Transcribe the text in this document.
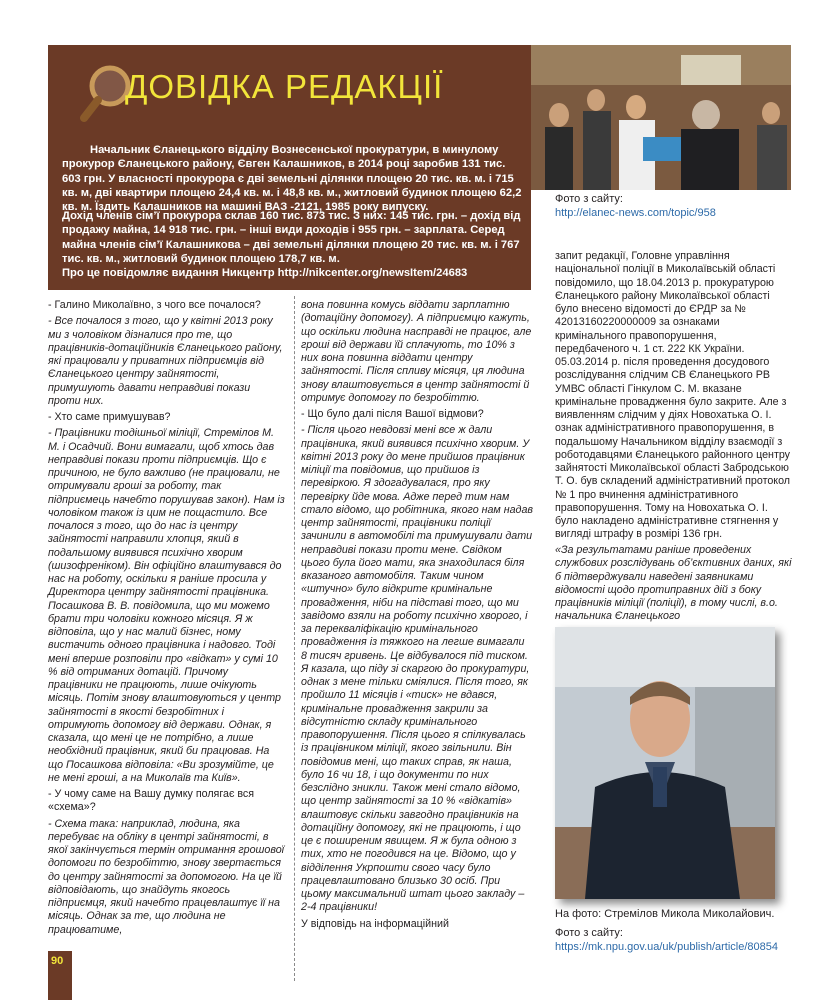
ДОВІДКА РЕДАКЦІЇ

Начальник Єланецького відділу Вознесенської прокуратури, в минулому прокурор Єланецького району, Євген Калашников, в 2014 році заробив 131 тис. 603 грн. У власності прокурора є дві земельні ділянки площею 20 тис. кв. м. і 715 кв. м, дві квартири площею 24,4 кв. м. і 48,8 кв. м., житловий будинок площею 62,2 кв. м. Їздить Калашников на машині ВАЗ -2121, 1985 року випуску.

Дохід членів сім’ї прокурора склав 160 тис. 873 тис. З них: 145 тис. грн. – дохід від продажу майна, 14 918 тис. грн. – інші види доходів і 955 грн. – зарплата. Серед майна членів сім’ї Калашникова – дві земельні ділянки площею 20 тис. кв. м. і 767 тис. кв. м., житловий будинок площею 178,7 кв. м.

Про це повідомляє видання Никцентр http://nikcenter.org/newsItem/24683

Фото з сайту:
http://elanec-news.com/topic/958

- Галино Миколаївно, з чого все почалося?

- Все почалося з того, що у квітні 2013 року ми з чоловіком дізналися про те, що працівників-дотаційників Єланецького району, які працювали у приватних підприємців від Єланецького центру зайнятості, примушують давати неправдиві покази проти них.

- Хто саме примушував?

- Працівники тодішньої міліції, Стремілов М. М. і Осадчий. Вони вимагали, щоб хтось дав неправдиві покази проти підприємців. Що є причиною, не було важливо (не працювали, не отримували гроші за роботу, так підприємець начебто порушував закон). Нам із чоловіком також із цим не пощастило. Все почалося з того, що до нас із центру зайнятості направили хлопця, який в подальшому виявився психічно хворим (шизофреніком). Він офіційно влаштувався до нас на роботу, оскільки я раніше просила у Директора центру зайнятості працівника. Посашкова В. В. повідомила, що ми можемо брати три чоловіки кожного місяця. Я ж відповіла, що у нас малий бізнес, ному вистачить одного працівника і надовго. Тоді мені вперше розповіли про «відкат» у сумі 10 % від отриманих дотацій. Причому працівники не працюють, лише очікують місяць. Потім знову влаштовуються у центр зайнятості в якості безробітних і отримують допомогу від держави. Однак, я сказала, що мені це не потрібно, а лише необхідний працівник, який би працював. На що Посашкова відповіла: «Ви зрозумійте, це не мені гроші, а на Миколаїв та Київ».

- У чому саме на Вашу думку полягає вся «схема»?

- Схема така: наприклад, людина, яка перебуває на обліку в центрі зайнятості, в якої закінчується термін отримання грошової допомоги по безробіттю, знову звертається до центру зайнятості за допомогою. На це їй відповідають, що знайдуть якогось підприємця, який начебто працевлаштує її на місяць. Однак за те, що людина не працюватиме,

вона повинна комусь віддати зарплатню (дотаційну допомогу). А підприємцю кажуть, що оскільки людина насправді не працює, але гроші від держави їй сплачують, то 10% з них вона повинна віддати центру зайнятості. Після спливу місяця, ця людина знову влаштовується в центр зайнятості й отримує допомогу по безробіттю.

- Що було далі після Вашої відмови?

- Після цього невдовзі мені все ж дали працівника, який виявився психічно хворим. У квітні 2013 року до мене прийшов працівник міліції та повідомив, що прийшов із перевіркою. Я здогадувалася, про яку перевірку йде мова. Адже перед тим нам стало відомо, що робітника, якого нам надав центр зайнятості, працівники поліції зачинили в автомобілі та примушували дати неправдиві покази проти мене. Свідком цього була його мати, яка знаходилася біля вказаного автомобіля. Таким чином «штучно» було відкрите кримінальне провадження, ніби на підставі того, що ми завідомо взяли на роботу психічно хворого, і за перекваліфікацію кримінального провадження із тяжкого на легше вимагали 8 тисяч гривень. Це відбувалося під тиском. Я казала, що піду зі скаргою до прокуратури, однак з мене тільки сміялися. Після того, як пройшло 11 місяців і «тиск» не вдався, кримінальне провадження закрили за відсутністю складу кримінального правопорушення. Після цього я спілкувалась із працівником міліції, якого звільнили. Він повідомив мені, що таких справ, як наша, було 16 чи 18, і що документи по них безслідно зникли. Також мені стало відомо, що центр зайнятості за 10 % «відкатів» влаштовує скільки завгодно працівників на дотаційну допомогу, які не працюють, і що це є поширеним явищем. Я ж була одною з тих, хто не погодився на це. Відомо, що у відділення Укрпошти свого часу було працевлаштовано близько 30 осіб. При цьому максимальний штат цього закладу – 2-4 працівники!

У відповідь на інформаційний

запит редакції, Головне управління національної поліції в Миколаївській області повідомило, що 18.04.2013 р. прокуратурою Єланецького району Миколаївської області було внесено відомості до ЄРДР за № 42013160220000009 за ознаками кримінального правопорушення, передбаченого ч. 1 ст. 222 КК України. 05.03.2014 р. після проведення досудового розслідування слідчим СВ Єланецького РВ УМВС області Гінкулом С. М. вказане кримінальне провадження було закрите. Але з виявленням слідчим у діях Новохатька О. І. ознак адміністративного правопорушення, в подальшому Начальником відділу взаємодії з роботодавцями Єланецького районного центру зайнятості Миколаївської області Забродською Т. О. був складений адміністративний протокол № 1 про вчинення адміністративного правопорушення. Тому на Новохатька О. І. було накладено адміністративне стягнення у вигляді штрафу в розмірі 136 грн.

«За результатами раніше проведених службових розслідувань об’єктивних даних, які б підтверджували наведені заявниками відомості щодо протиправних дій з боку працівників міліції (поліції), в тому числі, в.о. начальника Єланецького

На фото: Стремілов Микола Миколайович.
Фото з сайту: https://mk.npu.gov.ua/uk/publish/article/80854
90
